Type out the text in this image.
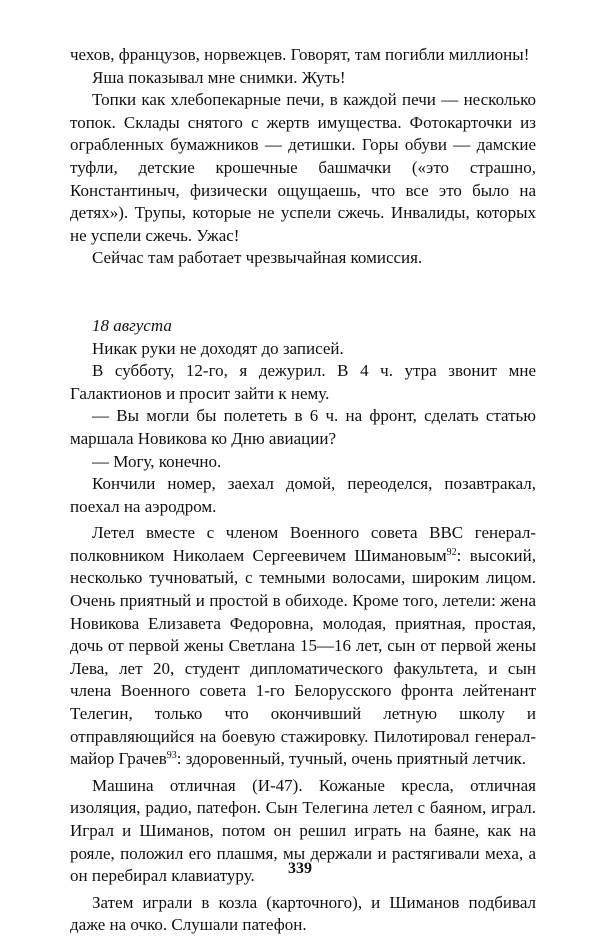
чехов, французов, норвежцев. Говорят, там погибли миллионы!

Яша показывал мне снимки. Жуть!

Топки как хлебопекарные печи, в каждой печи — несколько топок. Склады снятого с жертв имущества. Фотокарточки из ограбленных бумажников — детишки. Горы обуви — дамские туфли, детские крошечные башмачки («это страшно, Константиныч, физически ощущаешь, что все это было на детях»). Трупы, которые не успели сжечь. Инвалиды, которых не успели сжечь. Ужас!

Сейчас там работает чрезвычайная комиссия.

18 августа

Никак руки не доходят до записей.

В субботу, 12-го, я дежурил. В 4 ч. утра звонит мне Галактионов и просит зайти к нему.

— Вы могли бы полететь в 6 ч. на фронт, сделать статью маршала Новикова ко Дню авиации?

— Могу, конечно.

Кончили номер, заехал домой, переоделся, позавтракал, поехал на аэродром.

Летел вместе с членом Военного совета ВВС генерал-полковником Николаем Сергеевичем Шимановым$^{92}$: высокий, несколько тучноватый, с темными волосами, широким лицом. Очень приятный и простой в обиходе. Кроме того, летели: жена Новикова Елизавета Федоровна, молодая, приятная, простая, дочь от первой жены Светлана 15—16 лет, сын от первой жены Лева, лет 20, студент дипломатического факультета, и сын члена Военного совета 1-го Белорусского фронта лейтенант Телегин, только что окончивший летную школу и отправляющийся на боевую стажировку. Пилотировал генерал-майор Грачев$^{93}$: здоровенный, тучный, очень приятный летчик.

Машина отличная (И-47). Кожаные кресла, отличная изоляция, радио, патефон. Сын Телегина летел с баяном, играл. Играл и Шиманов, потом он решил играть на баяне, как на рояле, положил его плашмя, мы держали и растягивали меха, а он перебирал клавиатуру.

Затем играли в козла (карточного), и Шиманов подбивал даже на очко. Слушали патефон.

339
